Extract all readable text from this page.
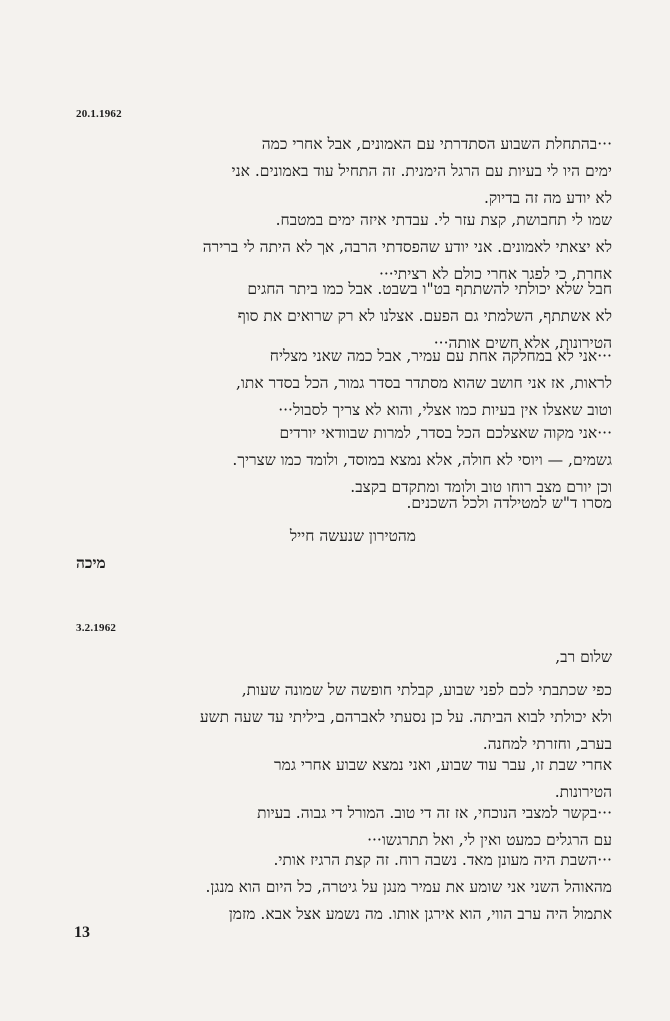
20.1.1962
···בהתחלת השבוע הסתדרתי עם האמונים, אבל אחרי כמה
ימים היו לי בעיות עם הרגל הימנית. זה התחיל עוד באמונים. אני
לא יודע מה זה בדיוק.
שמו לי תחבושת, קצת עזר לי. עבדתי איזה ימים במטבח.
לא יצאתי לאמונים. אני יודע שהפסדתי הרבה, אך לא היתה לי ברירה
אחרת, כי לפגר אחרי כולם לא רציתי···
חבל שלא יכולתי להשתתף בט"ו בשבט. אבל כמו ביתר החגים
לא אשתתף, השלמתי גם הפעם. אצלנו לא רק שרואים את סוף
הטירונות, אלא חשים אותה···
···אני לא במחלקה אחת עם עמיר, אבל כמה שאני מצליח
לראות, אז אני חושב שהוא מסתדר בסדר גמור, הכל בסדר אתו,
וטוב שאצלו אין בעיות כמו אצלי, והוא לא צריך לסבול···
···אני מקוה שאצלכם הכל בסדר, למרות שבוודאי יורדים
גשמים, — ויוסי לא חולה, אלא נמצא במוסד, ולומד כמו שצריך.
וכן יורם מצב רוחו טוב ולומד ומתקדם בקצב.
מסרו ד"ש למטילדה ולכל השכנים.
מהטירון שנעשה חייל
מיכה
3.2.1962
שלום רב,
כפי שכתבתי לכם לפני שבוע, קבלתי חופשה של שמונה שעות,
ולא יכולתי לבוא הביתה. על כן נסעתי לאברהם, ביליתי עד שעה תשע
בערב, וחזרתי למחנה.
אחרי שבת זו, עבר עוד שבוע, ואני נמצא שבוע אחרי גמר
הטירונות.
···בקשר למצבי הנוכחי, אז זה די טוב. המורל די גבוה. בעיות
עם הרגלים כמעט ואין לי, ואל תתרגשו···
···השבת היה מעונן מאד. נשבה רוח. זה קצת הרגיז אותי.
מהאוהל השני אני שומע את עמיר מנגן על גיטרה, כל היום הוא מנגן.
אתמול היה ערב הווי, הוא אירגן אותו. מה נשמע אצל אבא. מזמן
13
